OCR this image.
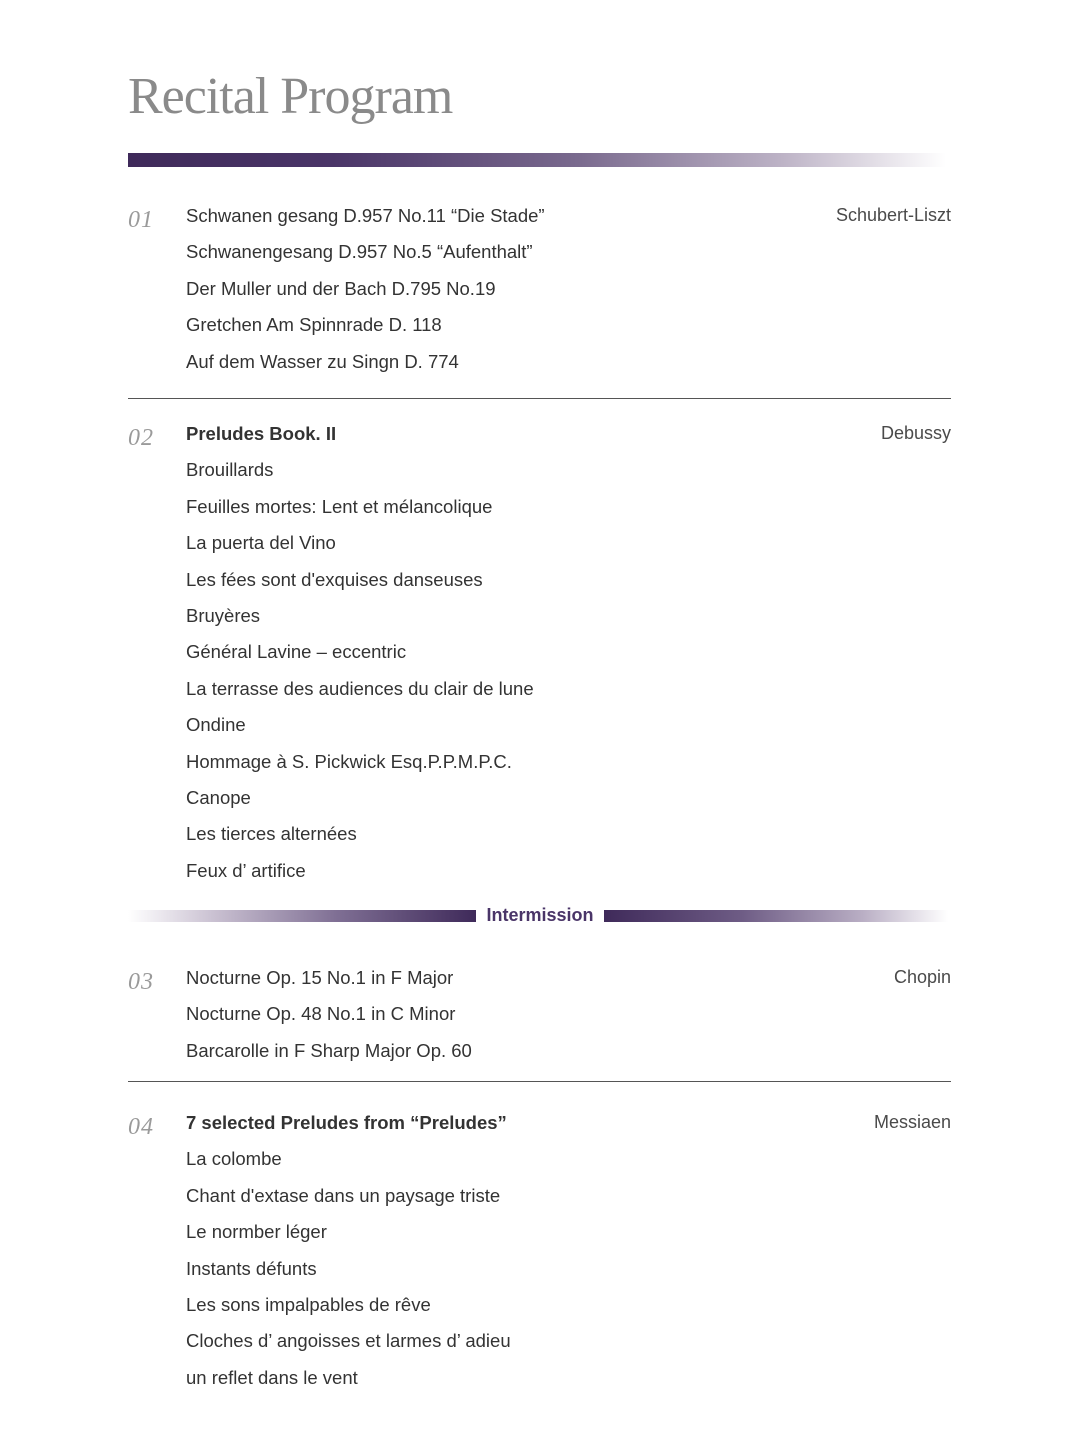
Recital Program
01	Schubert-Liszt
Schwanen gesang D.957 No.11 “Die Stade”
Schwanengesang D.957 No.5 “Aufenthalt”
Der Muller und der Bach D.795 No.19
Gretchen Am Spinnrade D. 118
Auf dem Wasser zu Singn D. 774
02	Debussy
Preludes Book. II
Brouillards
Feuilles mortes: Lent et mélancolique
La puerta del Vino
Les fées sont d'exquises danseuses
Bruyères
Général Lavine – eccentric
La terrasse des audiences du clair de lune
Ondine
Hommage à S. Pickwick Esq.P.P.M.P.C.
Canope
Les tierces alternées
Feux d’ artifice
Intermission
03	Chopin
Nocturne Op. 15 No.1 in F Major
Nocturne Op. 48 No.1 in C Minor
Barcarolle in F Sharp Major Op. 60
04	Messiaen
7 selected Preludes from “Preludes”
La colombe
Chant d'extase dans un paysage triste
Le normber léger
Instants défunts
Les sons impalpables de rêve
Cloches d’ angoisses et larmes d’ adieu
un reflet dans le vent
